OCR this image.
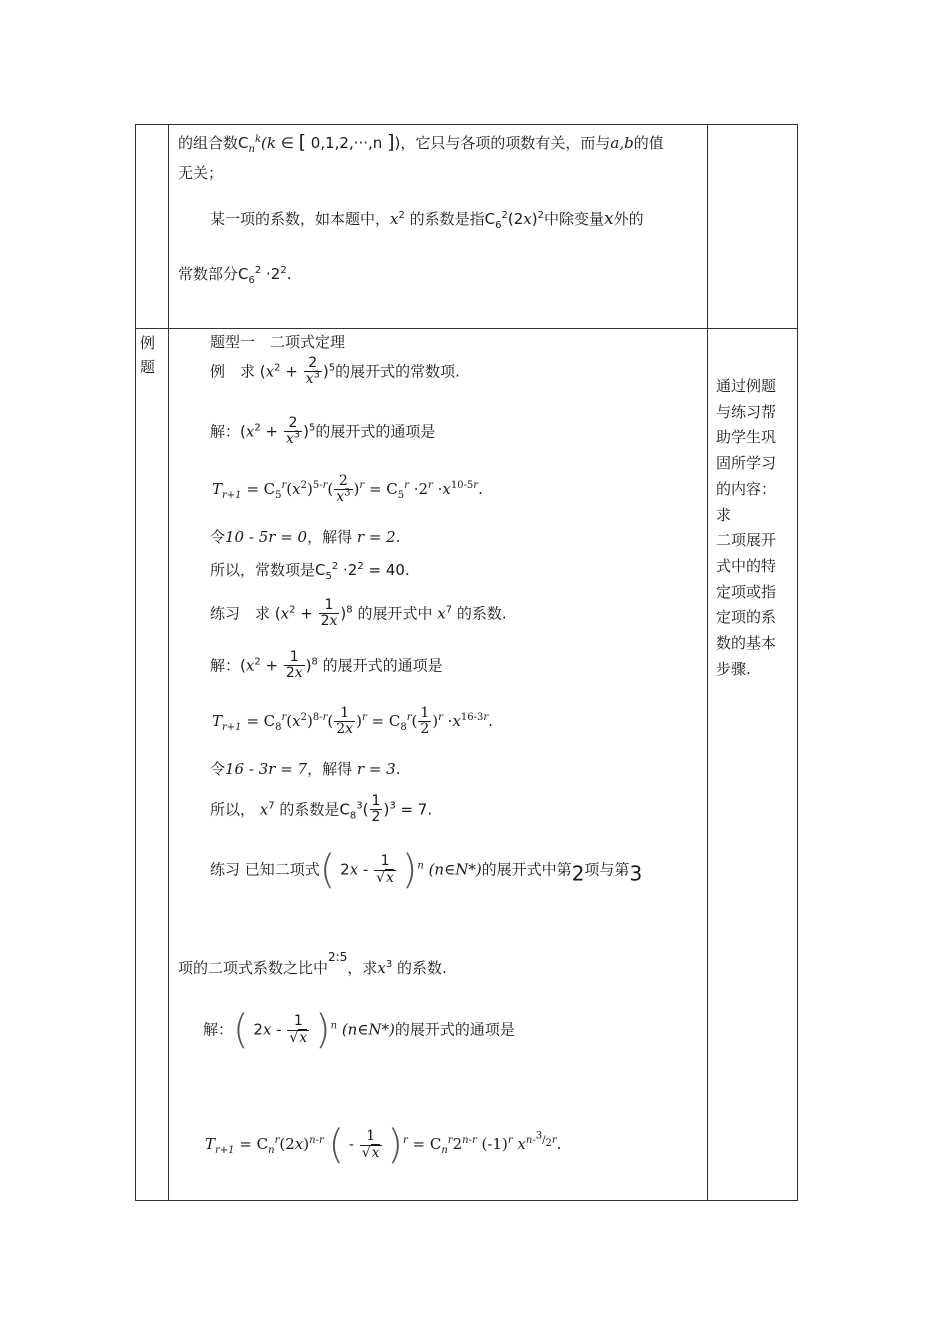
的组合数$C_n^k(k$ ∈ [ 0,1,2,···,n ])，它只与各项的项数有关，而与a,b的值
无关；
某一项的系数，如本题中，$x^2$ 的系数是指$C_6^2(2x)^2$中除变量x外的
常数部分$C_6^2 \cdot 2^2$.
例
题
通过例题
与练习帮
助学生巩
固所学习
的内容：
求
二项展开
式中的特
定项或指
定项的系
数的基本
步骤.
题型一　二项式定理
例　求 $(x^2 + \frac{2}{x^3} )^5$的展开式的常数项.
解：$(x^2 + \frac{2}{x^3} )^5$的展开式的通项是
$T_{r+1} = C_5^r(x^2)^{5-r}( \frac{2}{x^3} )^r = C_5^r \cdot 2^r \cdot x^{10-5r}$.
令10 - 5r = 0，解得 r = 2.
所以，常数项是$C_5^2 \cdot 2^2 = 40$.
练习　求 $(x^2 + \frac{1}{2x} )^8$ 的展开式中 $x^7$ 的系数.
解：$(x^2 + \frac{1}{2x} )^8$ 的展开式的通项是
$T_{r+1} = C_8^r(x^2)^{8-r}( \frac{1}{2x} )^r = C_8^r( \frac{1}{2} )^r \cdot x^{16-3r}$.
令16 - 3r = 7，解得 r = 3.
所以， $x^7$ 的系数是$C_8^3( \frac{1}{2} )^3 = 7$.
练习 已知二项式( $2x - \frac{1}{√x} )^n$ (n∈N*)的展开式中第2项与第3
项的二项式系数之比中$^{2:5}$，求$x^3$ 的系数.
解：( $2x - \frac{1}{√x} )^n$ (n∈N*)的展开式的通项是
$T_{r+1} = C_n^r(2x)^{n-r}$ ( - $\frac{1}{√x} )^r = C_n^r2^{n-r}$ $(-1)^r$ $x^{n-^3/_2r}$.
